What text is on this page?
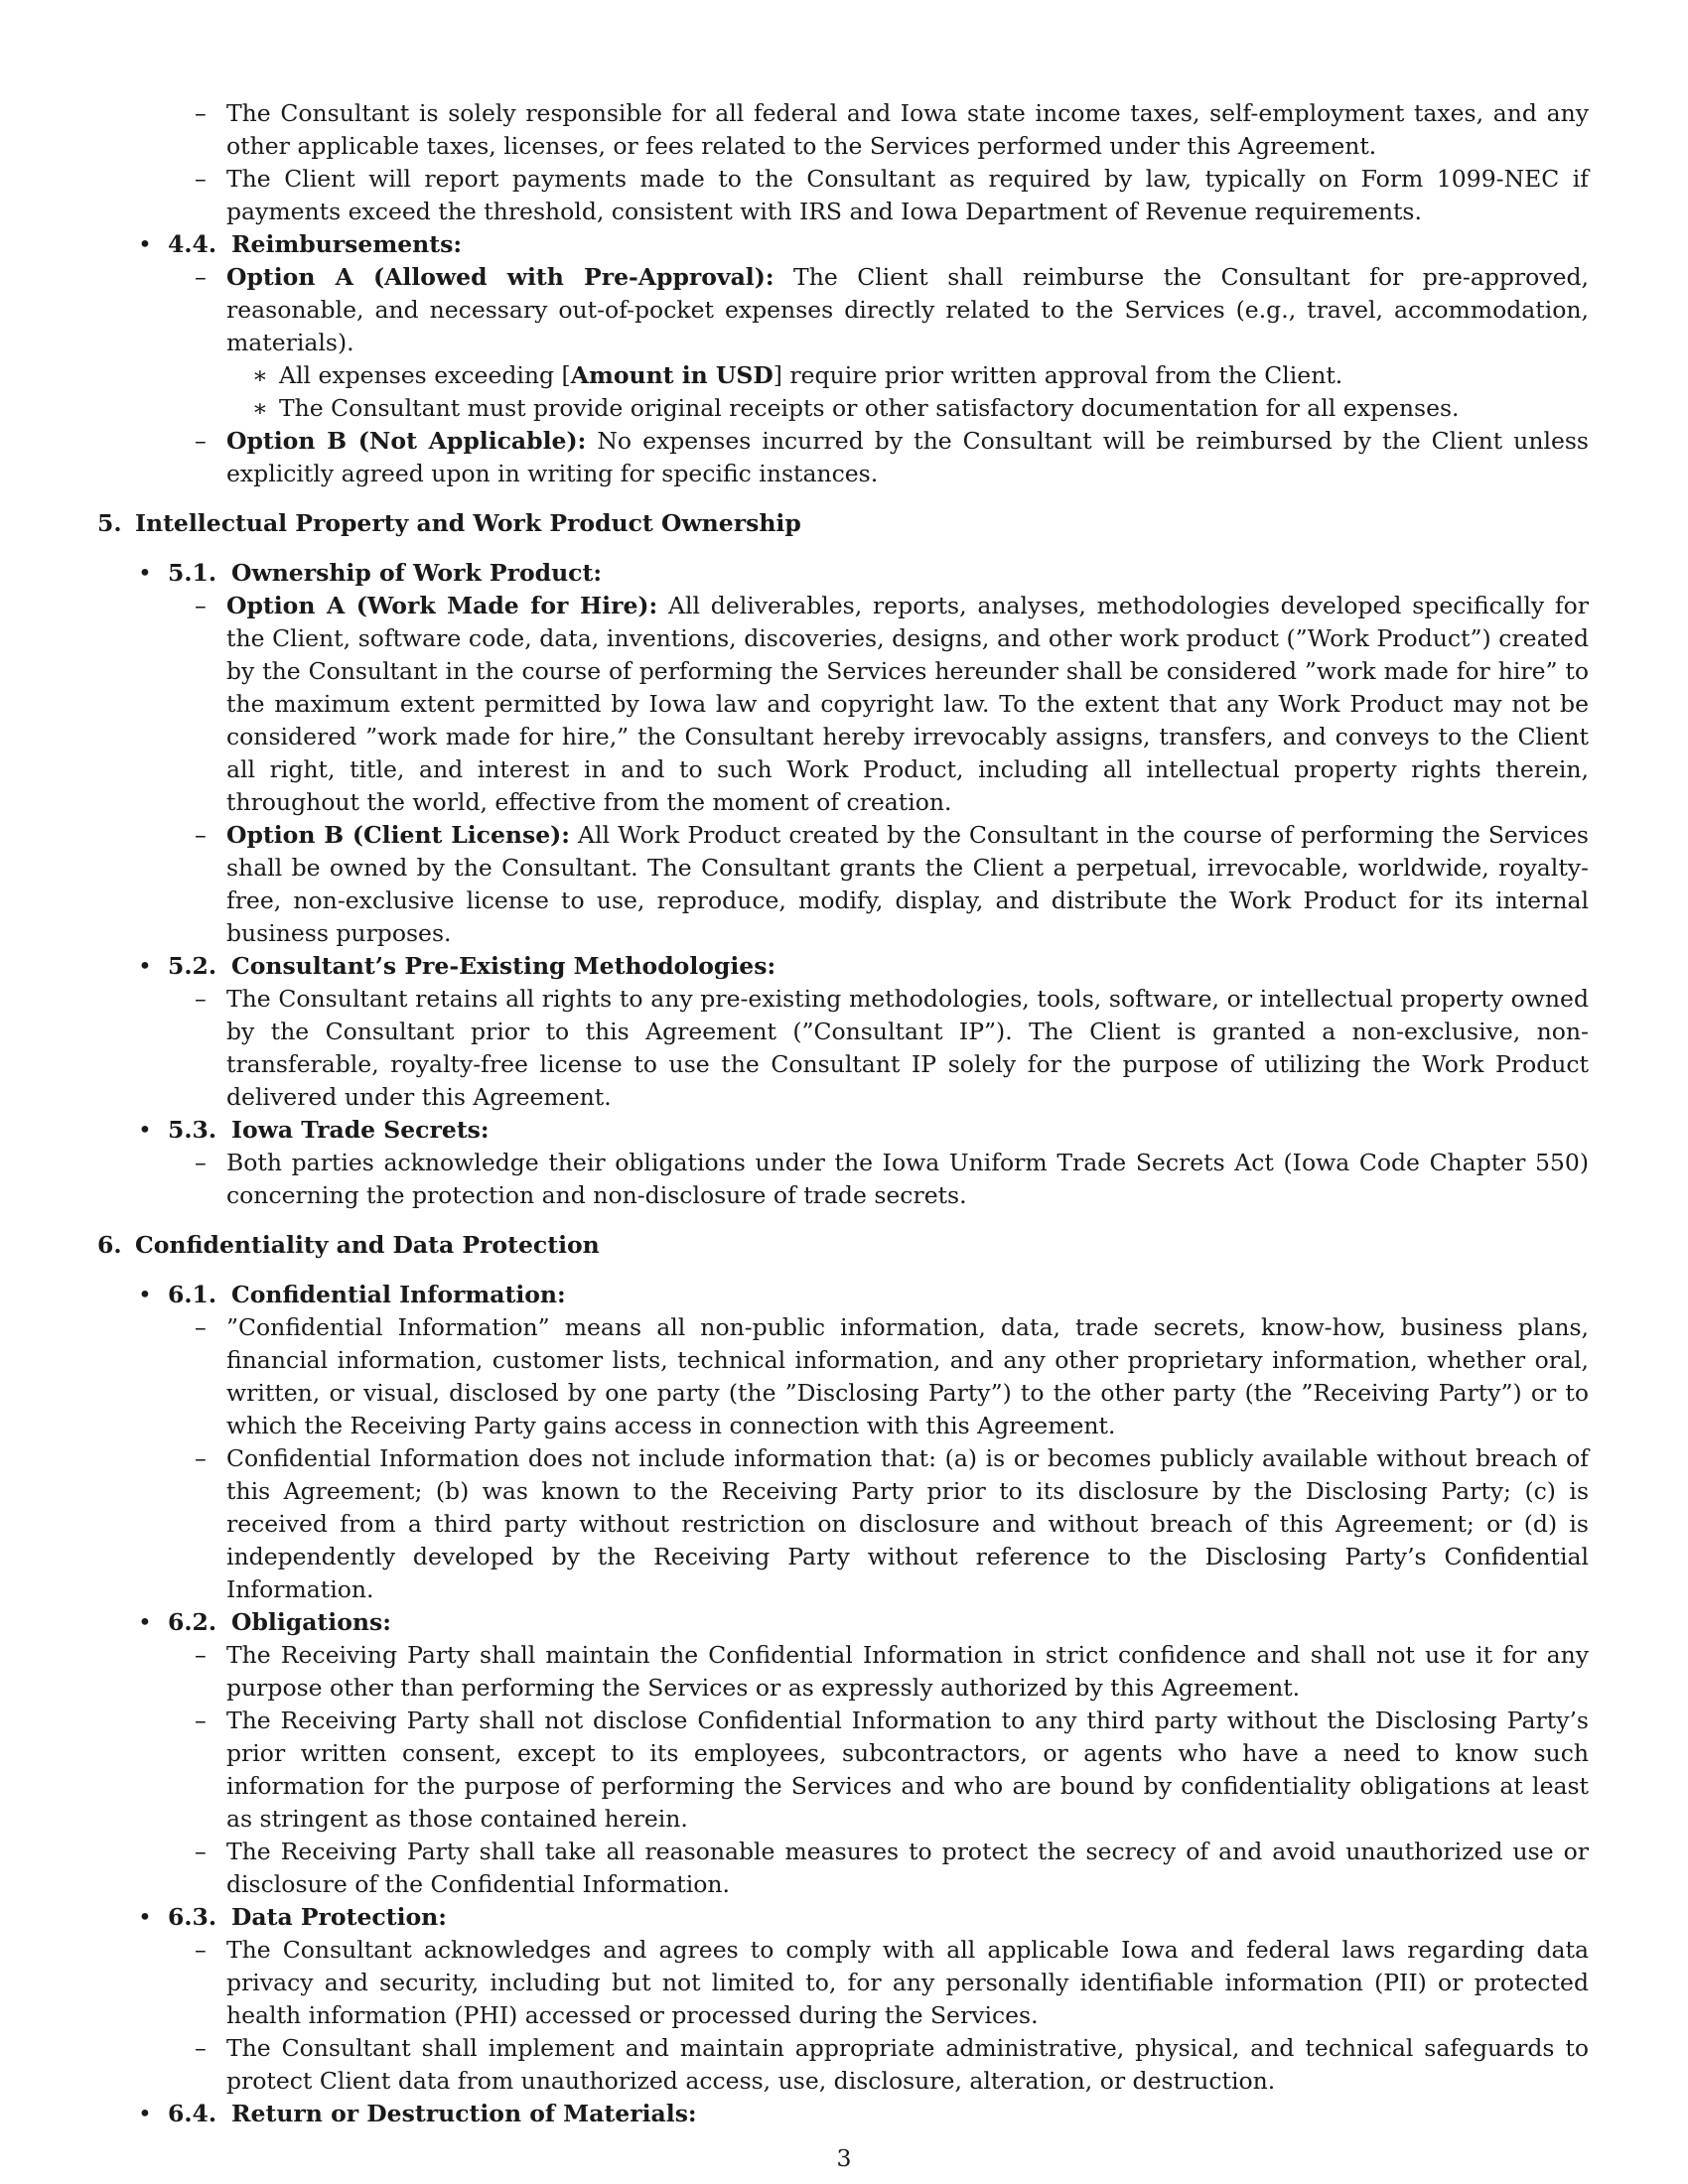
– The Consultant is solely responsible for all federal and Iowa state income taxes, self-employment taxes, and any other applicable taxes, licenses, or fees related to the Services performed under this Agreement.
– The Client will report payments made to the Consultant as required by law, typically on Form 1099-NEC if payments exceed the threshold, consistent with IRS and Iowa Department of Revenue requirements.
• 4.4. Reimbursements:
– Option A (Allowed with Pre-Approval): The Client shall reimburse the Consultant for pre-approved, reasonable, and necessary out-of-pocket expenses directly related to the Services (e.g., travel, accommodation, materials).
∗ All expenses exceeding [Amount in USD] require prior written approval from the Client.
∗ The Consultant must provide original receipts or other satisfactory documentation for all expenses.
– Option B (Not Applicable): No expenses incurred by the Consultant will be reimbursed by the Client unless explicitly agreed upon in writing for specific instances.
5. Intellectual Property and Work Product Ownership
• 5.1. Ownership of Work Product:
– Option A (Work Made for Hire): All deliverables, reports, analyses, methodologies developed specifically for the Client, software code, data, inventions, discoveries, designs, and other work product (”Work Product”) created by the Consultant in the course of performing the Services hereunder shall be considered ”work made for hire” to the maximum extent permitted by Iowa law and copyright law. To the extent that any Work Product may not be considered ”work made for hire,” the Consultant hereby irrevocably assigns, transfers, and conveys to the Client all right, title, and interest in and to such Work Product, including all intellectual property rights therein, throughout the world, effective from the moment of creation.
– Option B (Client License): All Work Product created by the Consultant in the course of performing the Services shall be owned by the Consultant. The Consultant grants the Client a perpetual, irrevocable, worldwide, royalty-free, non-exclusive license to use, reproduce, modify, display, and distribute the Work Product for its internal business purposes.
• 5.2. Consultant’s Pre-Existing Methodologies:
– The Consultant retains all rights to any pre-existing methodologies, tools, software, or intellectual property owned by the Consultant prior to this Agreement (”Consultant IP”). The Client is granted a non-exclusive, non-transferable, royalty-free license to use the Consultant IP solely for the purpose of utilizing the Work Product delivered under this Agreement.
• 5.3. Iowa Trade Secrets:
– Both parties acknowledge their obligations under the Iowa Uniform Trade Secrets Act (Iowa Code Chapter 550) concerning the protection and non-disclosure of trade secrets.
6. Confidentiality and Data Protection
• 6.1. Confidential Information:
– ”Confidential Information” means all non-public information, data, trade secrets, know-how, business plans, financial information, customer lists, technical information, and any other proprietary information, whether oral, written, or visual, disclosed by one party (the ”Disclosing Party”) to the other party (the ”Receiving Party”) or to which the Receiving Party gains access in connection with this Agreement.
– Confidential Information does not include information that: (a) is or becomes publicly available without breach of this Agreement; (b) was known to the Receiving Party prior to its disclosure by the Disclosing Party; (c) is received from a third party without restriction on disclosure and without breach of this Agreement; or (d) is independently developed by the Receiving Party without reference to the Disclosing Party’s Confidential Information.
• 6.2. Obligations:
– The Receiving Party shall maintain the Confidential Information in strict confidence and shall not use it for any purpose other than performing the Services or as expressly authorized by this Agreement.
– The Receiving Party shall not disclose Confidential Information to any third party without the Disclosing Party’s prior written consent, except to its employees, subcontractors, or agents who have a need to know such information for the purpose of performing the Services and who are bound by confidentiality obligations at least as stringent as those contained herein.
– The Receiving Party shall take all reasonable measures to protect the secrecy of and avoid unauthorized use or disclosure of the Confidential Information.
• 6.3. Data Protection:
– The Consultant acknowledges and agrees to comply with all applicable Iowa and federal laws regarding data privacy and security, including but not limited to, for any personally identifiable information (PII) or protected health information (PHI) accessed or processed during the Services.
– The Consultant shall implement and maintain appropriate administrative, physical, and technical safeguards to protect Client data from unauthorized access, use, disclosure, alteration, or destruction.
• 6.4. Return or Destruction of Materials:
3
